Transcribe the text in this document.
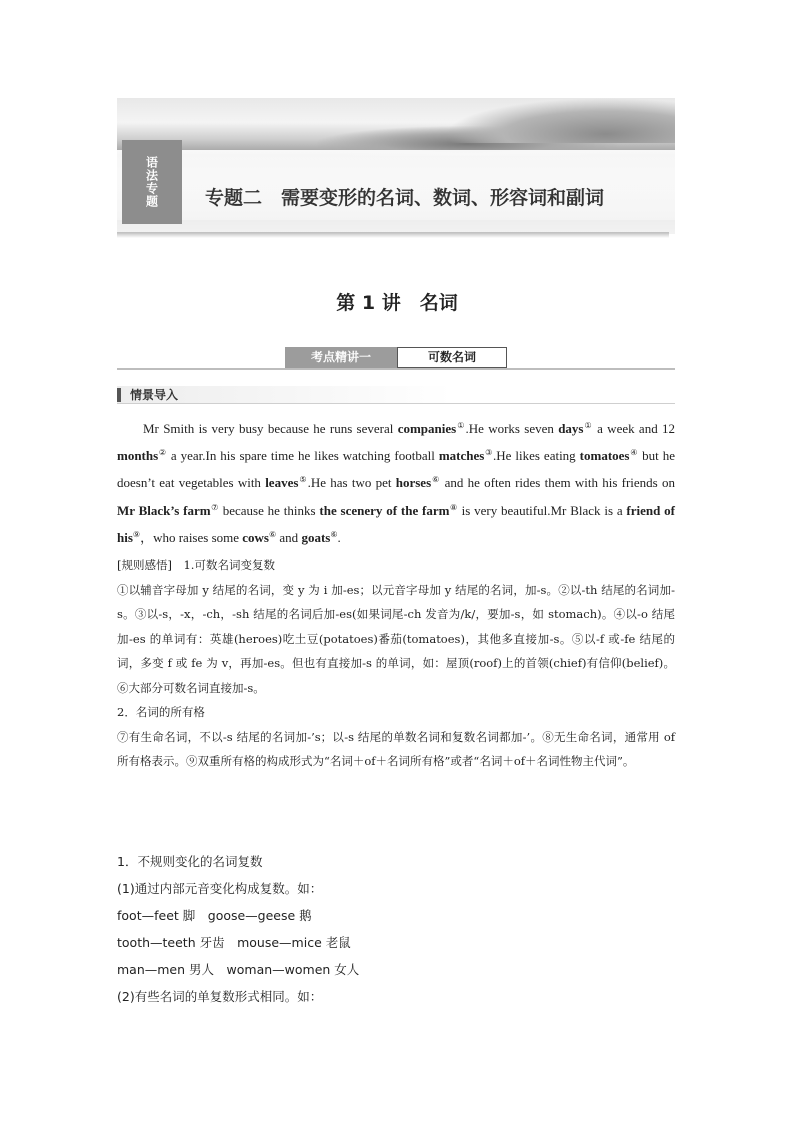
语法专题 专题二　需要变形的名词、数词、形容词和副词
第 1 讲　名词
考点精讲一	可数名词
情景导入

Mr Smith is very busy because he runs several companies①.He works seven days① a week and 12 months② a year.In his spare time he likes watching football matches③.He likes eating tomatoes④ but he doesn’t eat vegetables with leaves⑤.He has two pet horses⑥ and he often rides them with his friends on Mr Black’s farm⑦ because he thinks the scenery of the farm⑧ is very beautiful.Mr Black is a friend of his⑨，who raises some cows⑥ and goats⑥.

[规则感悟]　1.可数名词变复数
①以辅音字母加 y 结尾的名词，变 y 为 i 加-es；以元音字母加 y 结尾的名词，加-s。②以-th 结尾的名词加-s。③以-s，-x，-ch，-sh 结尾的名词后加-es(如果词尾-ch 发音为/k/，要加-s，如 stomach)。④以-o 结尾加-es 的单词有：英雄(heroes)吃土豆(potatoes)番茄(tomatoes)，其他多直接加-s。⑤以-f 或-fe 结尾的词，多变 f 或 fe 为 v，再加-es。但也有直接加-s 的单词，如：屋顶(roof)上的首领(chief)有信仰(belief)。⑥大部分可数名词直接加-s。
2．名词的所有格
⑦有生命名词，不以-s 结尾的名词加-’s；以-s 结尾的单数名词和复数名词都加-’。⑧无生命名词，通常用 of 所有格表示。⑨双重所有格的构成形式为“名词＋of＋名词所有格”或者“名词＋of＋名词性物主代词”。
1．不规则变化的名词复数
(1)通过内部元音变化构成复数。如：
foot—feet 脚　goose—geese 鹅
tooth—teeth 牙齿　mouse—mice 老鼠
man—men 男人　woman—women 女人
(2)有些名词的单复数形式相同。如：
